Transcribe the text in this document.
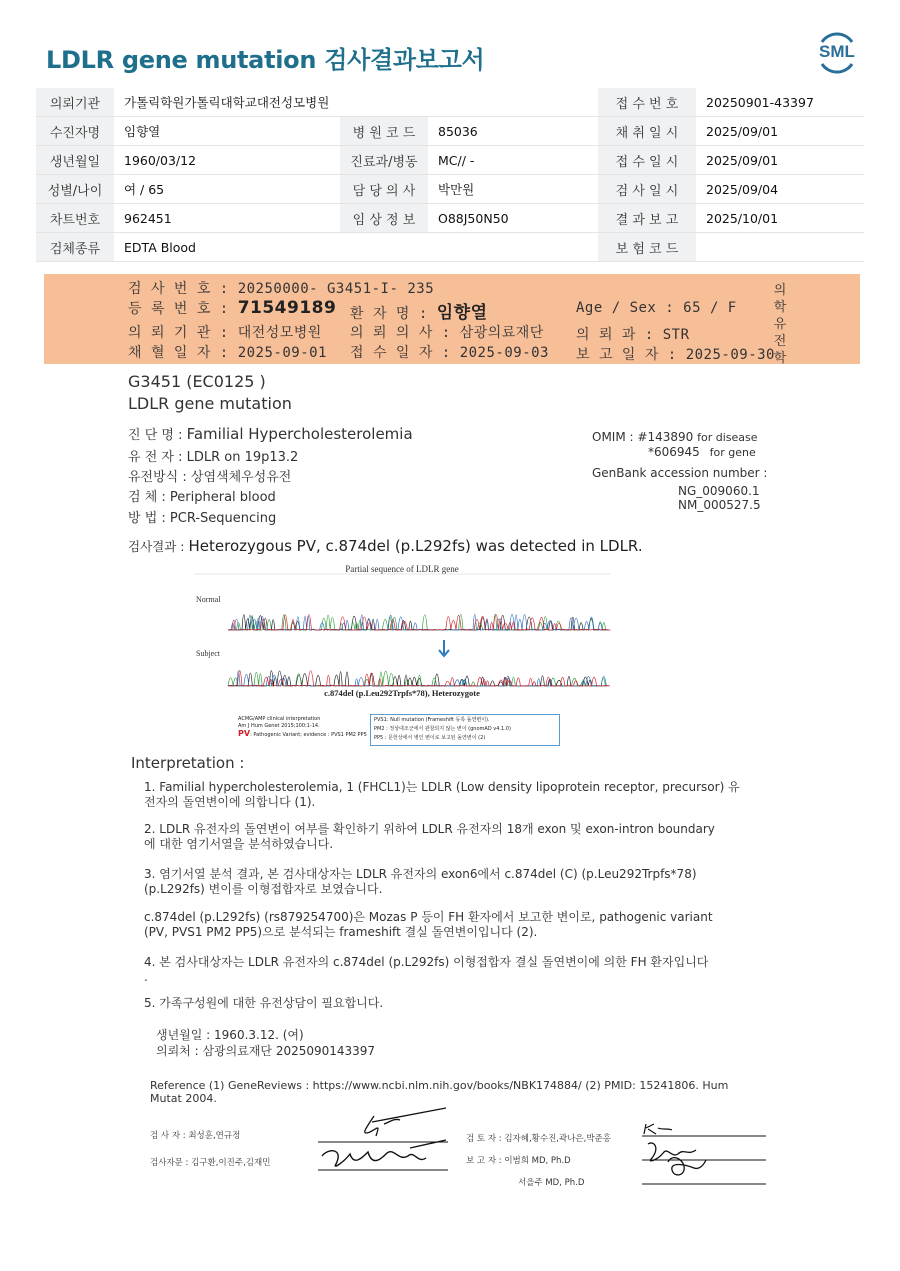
LDLR gene mutation 검사결과보고서	SML
의뢰기관	가톨릭학원가톨릭대학교대전성모병원			접 수 번 호	20250901-43397
수진자명	임향열	병 원 코 드	85036	채 취 일 시	2025/09/01
생년월일	1960/03/12	진료과/병동	MC// -	접 수 일 시	2025/09/01
성별/나이	여 / 65	담 당 의 사	박만원	검 사 일 시	2025/09/04
차트번호	962451	임 상 정 보	O88J50N50	결 과 보 고	2025/10/01
검체종류	EDTA Blood			보 험 코 드	
검 사 번 호 : 20250000- G3451-I- 235
등 록 번 호 : 71549189 환 자 명 : 임향열	Age / Sex : 65 / F
의 뢰 기 관 : 대전성모병원 의 뢰 의 사 : 삼광의료재단 의 뢰 과 : STR
채 혈 일 자 : 2025-09-01 접 수 일 자 : 2025-09-03 보 고 일 자 : 2025-09-30
의학유전학
G3451 (EC0125 )
LDLR gene mutation
진 단 명 : Familial Hypercholesterolemia
유 전 자 : LDLR on 19p13.2
유전방식 : 상염색체우성유전
검 체 : Peripheral blood
방 법 : PCR-Sequencing
OMIM : #143890 for disease
*606945 for gene
GenBank accession number :
NG_009060.1
NM_000527.5
검사결과 : Heterozygous PV, c.874del (p.L292fs) was detected in LDLR.
Partial sequence of LDLR gene
Normal
Subject
c.874del (p.Leu292Trpfs*78), Heterozygote
ACMG/AMP clinical interpretation
Am J Hum Genet 2015;100:1-14.
PV: Pathogenic Variant; evidence : PVS1 PM2 PP5
PVS1: Null mutation (Frameshift 등록 돌연변이).
PM2 : 정상대조군에서 관찰되지 않는 변이 (gnomAD v4.1.0)
PP5 : 문헌상에서 병인 변이로 보고된 돌연변이 (2)
Interpretation :
1. Familial hypercholesterolemia, 1 (FHCL1)는 LDLR (Low density lipoprotein receptor, precursor) 유
전자의 돌연변이에 의합니다 (1).
2. LDLR 유전자의 돌연변이 여부를 확인하기 위하여 LDLR 유전자의 18개 exon 및 exon-intron boundary
에 대한 염기서열을 분석하였습니다.
3. 염기서열 분석 결과, 본 검사대상자는 LDLR 유전자의 exon6에서 c.874del (C) (p.Leu292Trpfs*78)
(p.L292fs) 변이를 이형접합자로 보였습니다.
c.874del (p.L292fs) (rs879254700)은 Mozas P 등이 FH 환자에서 보고한 변이로, pathogenic variant
(PV, PVS1 PM2 PP5)으로 분석되는 frameshift 결실 돌연변이입니다 (2).
4. 본 검사대상자는 LDLR 유전자의 c.874del (p.L292fs) 이형접합자 결실 돌연변이에 의한 FH 환자입니다
.
5. 가족구성원에 대한 유전상담이 필요합니다.
생년월일 : 1960.3.12. (여)
의뢰처 : 삼광의료재단 2025090143397
Reference (1) GeneReviews : https://www.ncbi.nlm.nih.gov/books/NBK174884/ (2) PMID: 15241806. Hum
Mutat 2004.
검 사 자 : 최성훈,연규정
검사자문 : 김구환,이진주,김재민
검 토 자 : 김자혜,황수진,곽나은,박준홍
보 고 자 : 이범희 MD, Ph.D
서을주 MD, Ph.D
